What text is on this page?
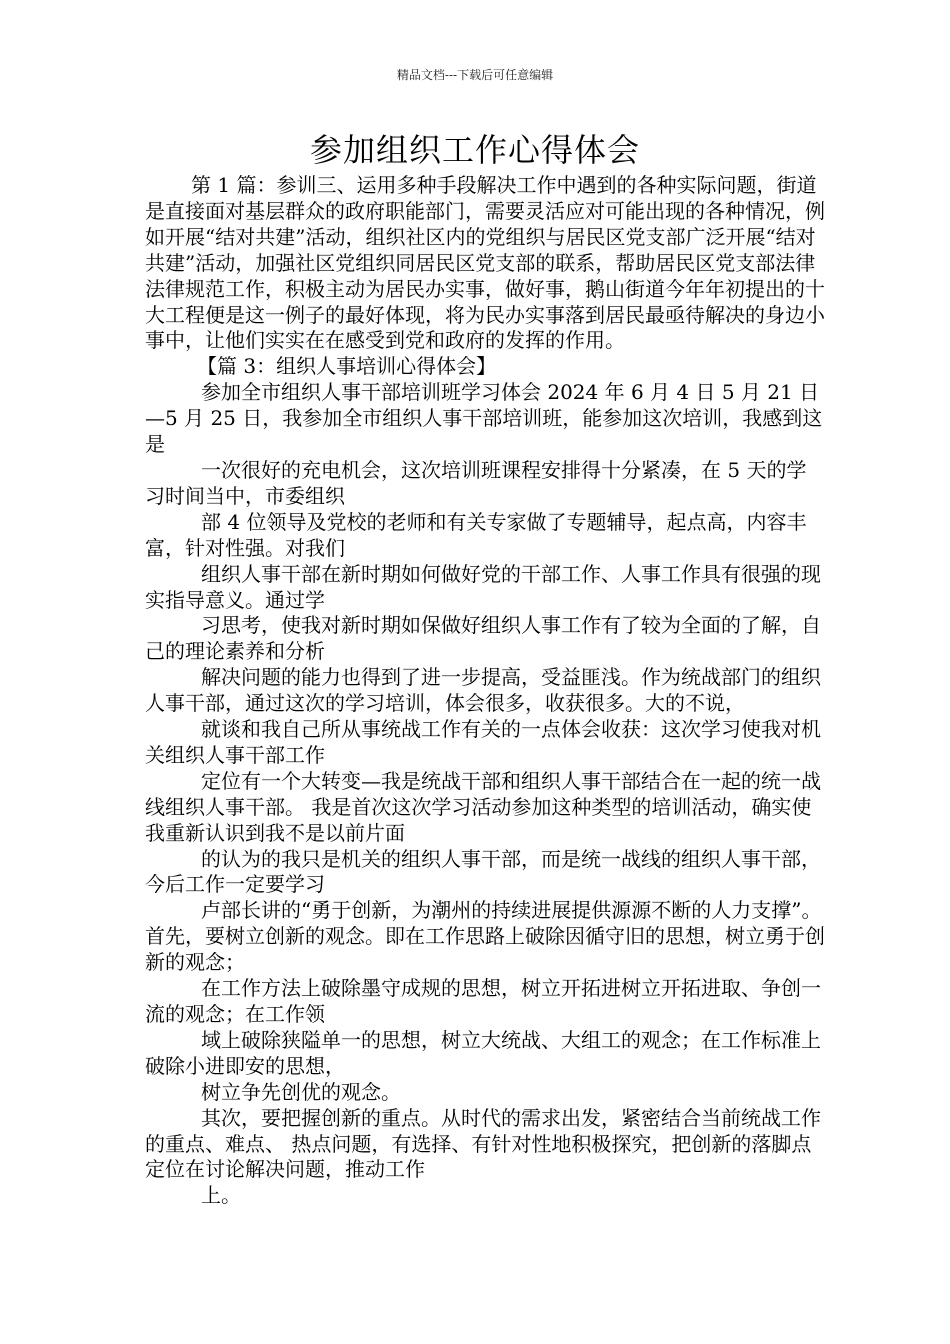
精品文档---下载后可任意编辑
参加组织工作心得体会

第 1 篇：参训三、运用多种手段解决工作中遇到的各种实际问题，街道是直接面对基层群众的政府职能部门，需要灵活应对可能出现的各种情况，例如开展“结对共建”活动，组织社区内的党组织与居民区党支部广泛开展“结对共建”活动，加强社区党组织同居民区党支部的联系，帮助居民区党支部法律法律规范工作，积极主动为居民办实事，做好事，鹅山街道今年年初提出的十大工程便是这一例子的最好体现，将为民办实事落到居民最亟待解决的身边小事中，让他们实实在在感受到党和政府的发挥的作用。

【篇 3：组织人事培训心得体会】

参加全市组织人事干部培训班学习体会 2024 年 6 月 4 日 5 月 21 日—5 月 25 日，我参加全市组织人事干部培训班，能参加这次培训，我感到这是

一次很好的充电机会，这次培训班课程安排得十分紧凑，在 5 天的学习时间当中，市委组织

部 4 位领导及党校的老师和有关专家做了专题辅导，起点高，内容丰富，针对性强。对我们

组织人事干部在新时期如何做好党的干部工作、人事工作具有很强的现实指导意义。通过学

习思考，使我对新时期如保做好组织人事工作有了较为全面的了解，自己的理论素养和分析

解决问题的能力也得到了进一步提高，受益匪浅。作为统战部门的组织人事干部，通过这次的学习培训，体会很多，收获很多。大的不说，

就谈和我自己所从事统战工作有关的一点体会收获：这次学习使我对机关组织人事干部工作

定位有一个大转变—我是统战干部和组织人事干部结合在一起的统一战线组织人事干部。 我是首次这次学习活动参加这种类型的培训活动，确实使我重新认识到我不是以前片面

的认为的我只是机关的组织人事干部，而是统一战线的组织人事干部，今后工作一定要学习

卢部长讲的“勇于创新，为潮州的持续进展提供源源不断的人力支撑”。 首先，要树立创新的观念。即在工作思路上破除因循守旧的思想，树立勇于创新的观念；

在工作方法上破除墨守成规的思想，树立开拓进树立开拓进取、争创一流的观念；在工作领

域上破除狭隘单一的思想，树立大统战、大组工的观念；在工作标准上破除小进即安的思想，

树立争先创优的观念。

其次，要把握创新的重点。从时代的需求出发，紧密结合当前统战工作的重点、难点、 热点问题，有选择、有针对性地积极探究，把创新的落脚点定位在讨论解决问题，推动工作

上。
